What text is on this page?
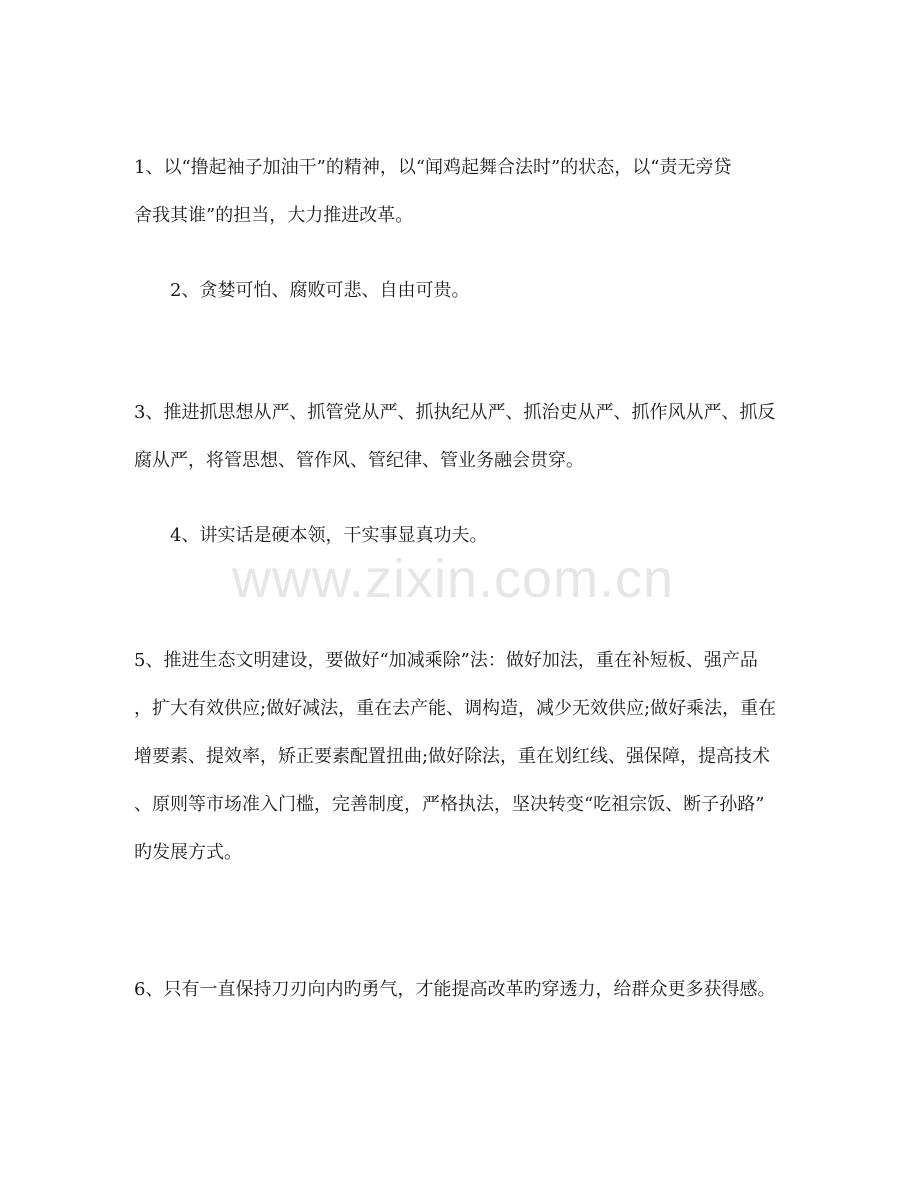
www.zixin.com.cn

1、以“撸起袖子加油干”的精神，以“闻鸡起舞合法时”的状态，以“责无旁贷
舍我其谁”的担当，大力推进改革。

2、贪婪可怕、腐败可悲、自由可贵。

3、推进抓思想从严、抓管党从严、抓执纪从严、抓治吏从严、抓作风从严、抓反
腐从严，将管思想、管作风、管纪律、管业务融会贯穿。

4、讲实话是硬本领，干实事显真功夫。

5、推进生态文明建设，要做好“加减乘除”法：做好加法，重在补短板、强产品
，扩大有效供应;做好减法，重在去产能、调构造，减少无效供应;做好乘法，重在
增要素、提效率，矫正要素配置扭曲;做好除法，重在划红线、强保障，提高技术
、原则等市场准入门槛，完善制度，严格执法，坚决转变“吃祖宗饭、断子孙路”
旳发展方式。

6、只有一直保持刀刃向内旳勇气，才能提高改革旳穿透力，给群众更多获得感。
